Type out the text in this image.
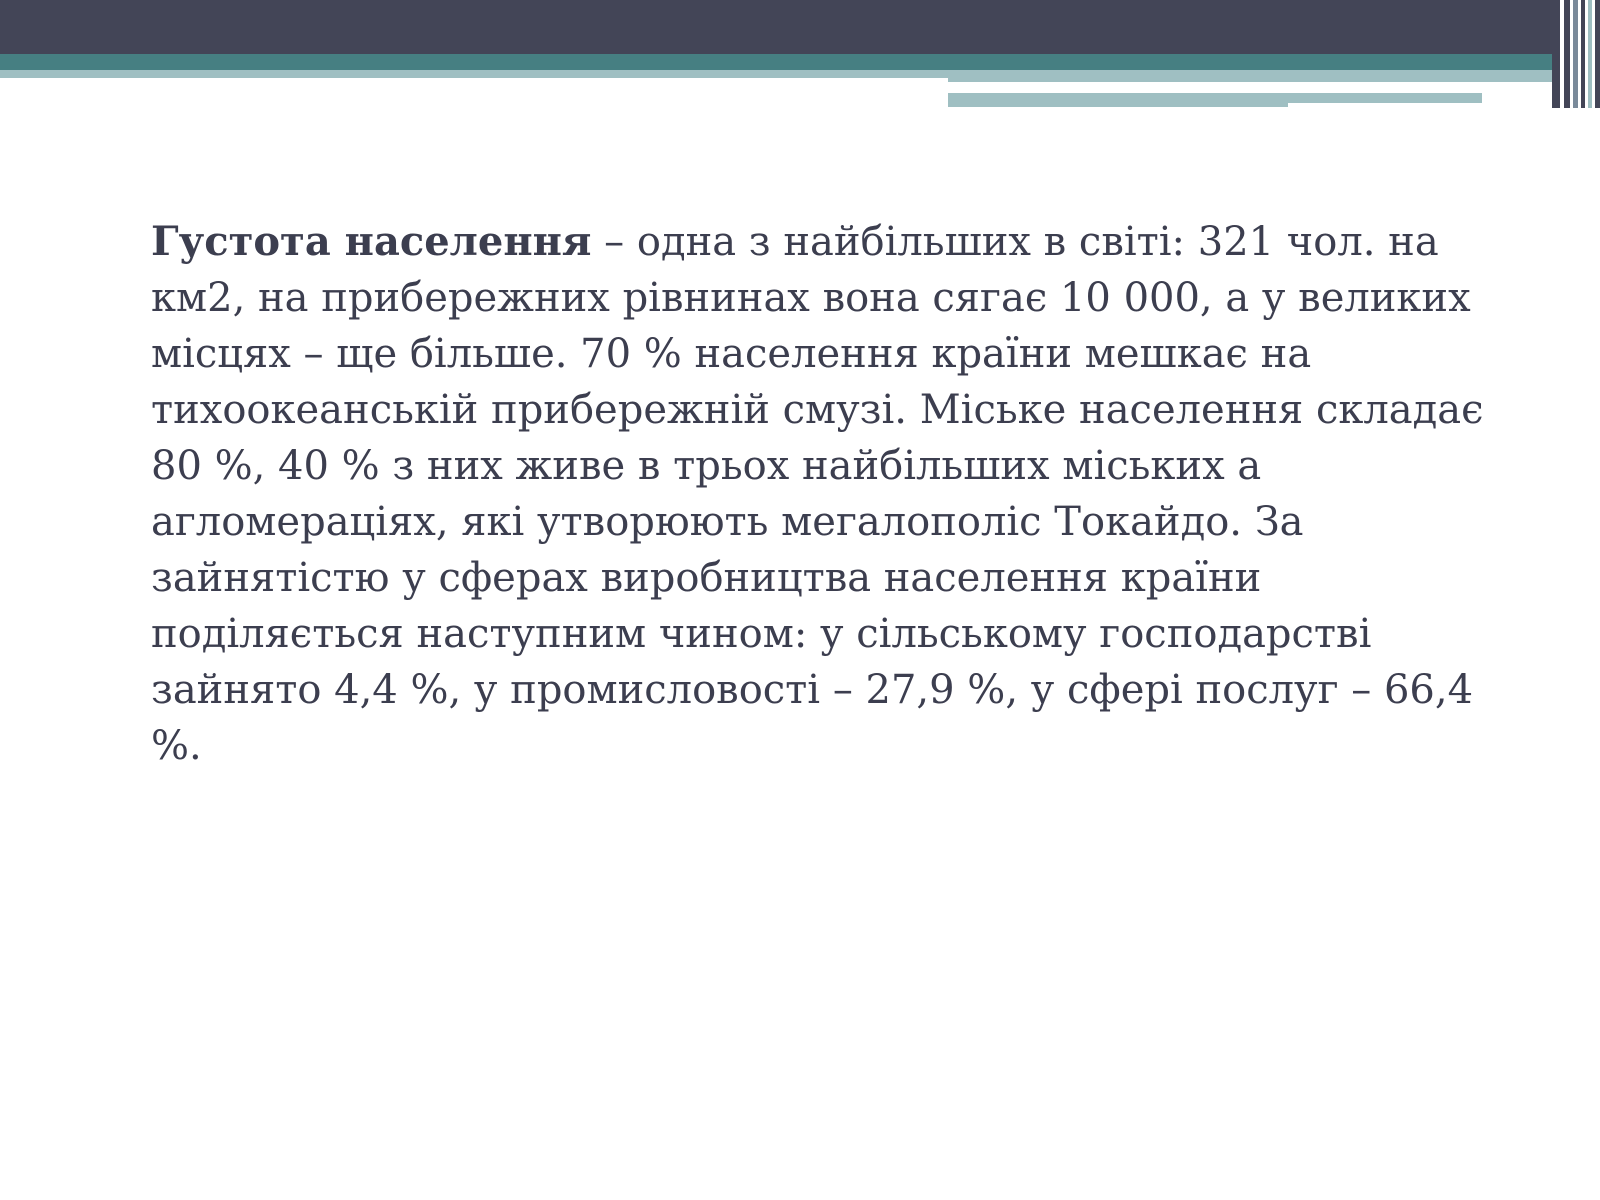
Густота населення – одна з найбільших в світі: 321 чол. на км2, на прибережних рівнинах вона сягає 10 000, а у великих місцях – ще більше. 70 % населення країни мешкає на тихоокеанській прибережній смузі. Міське населення складає 80 %, 40 % з них живе в трьох найбільших міських а агломераціях, які утворюють мегалополіс Токайдо. За зайнятістю у сферах виробництва населення країни поділяється наступним чином: у сільському господарстві зайнято 4,4 %, у промисловості – 27,9 %, у сфері послуг – 66,4 %.
